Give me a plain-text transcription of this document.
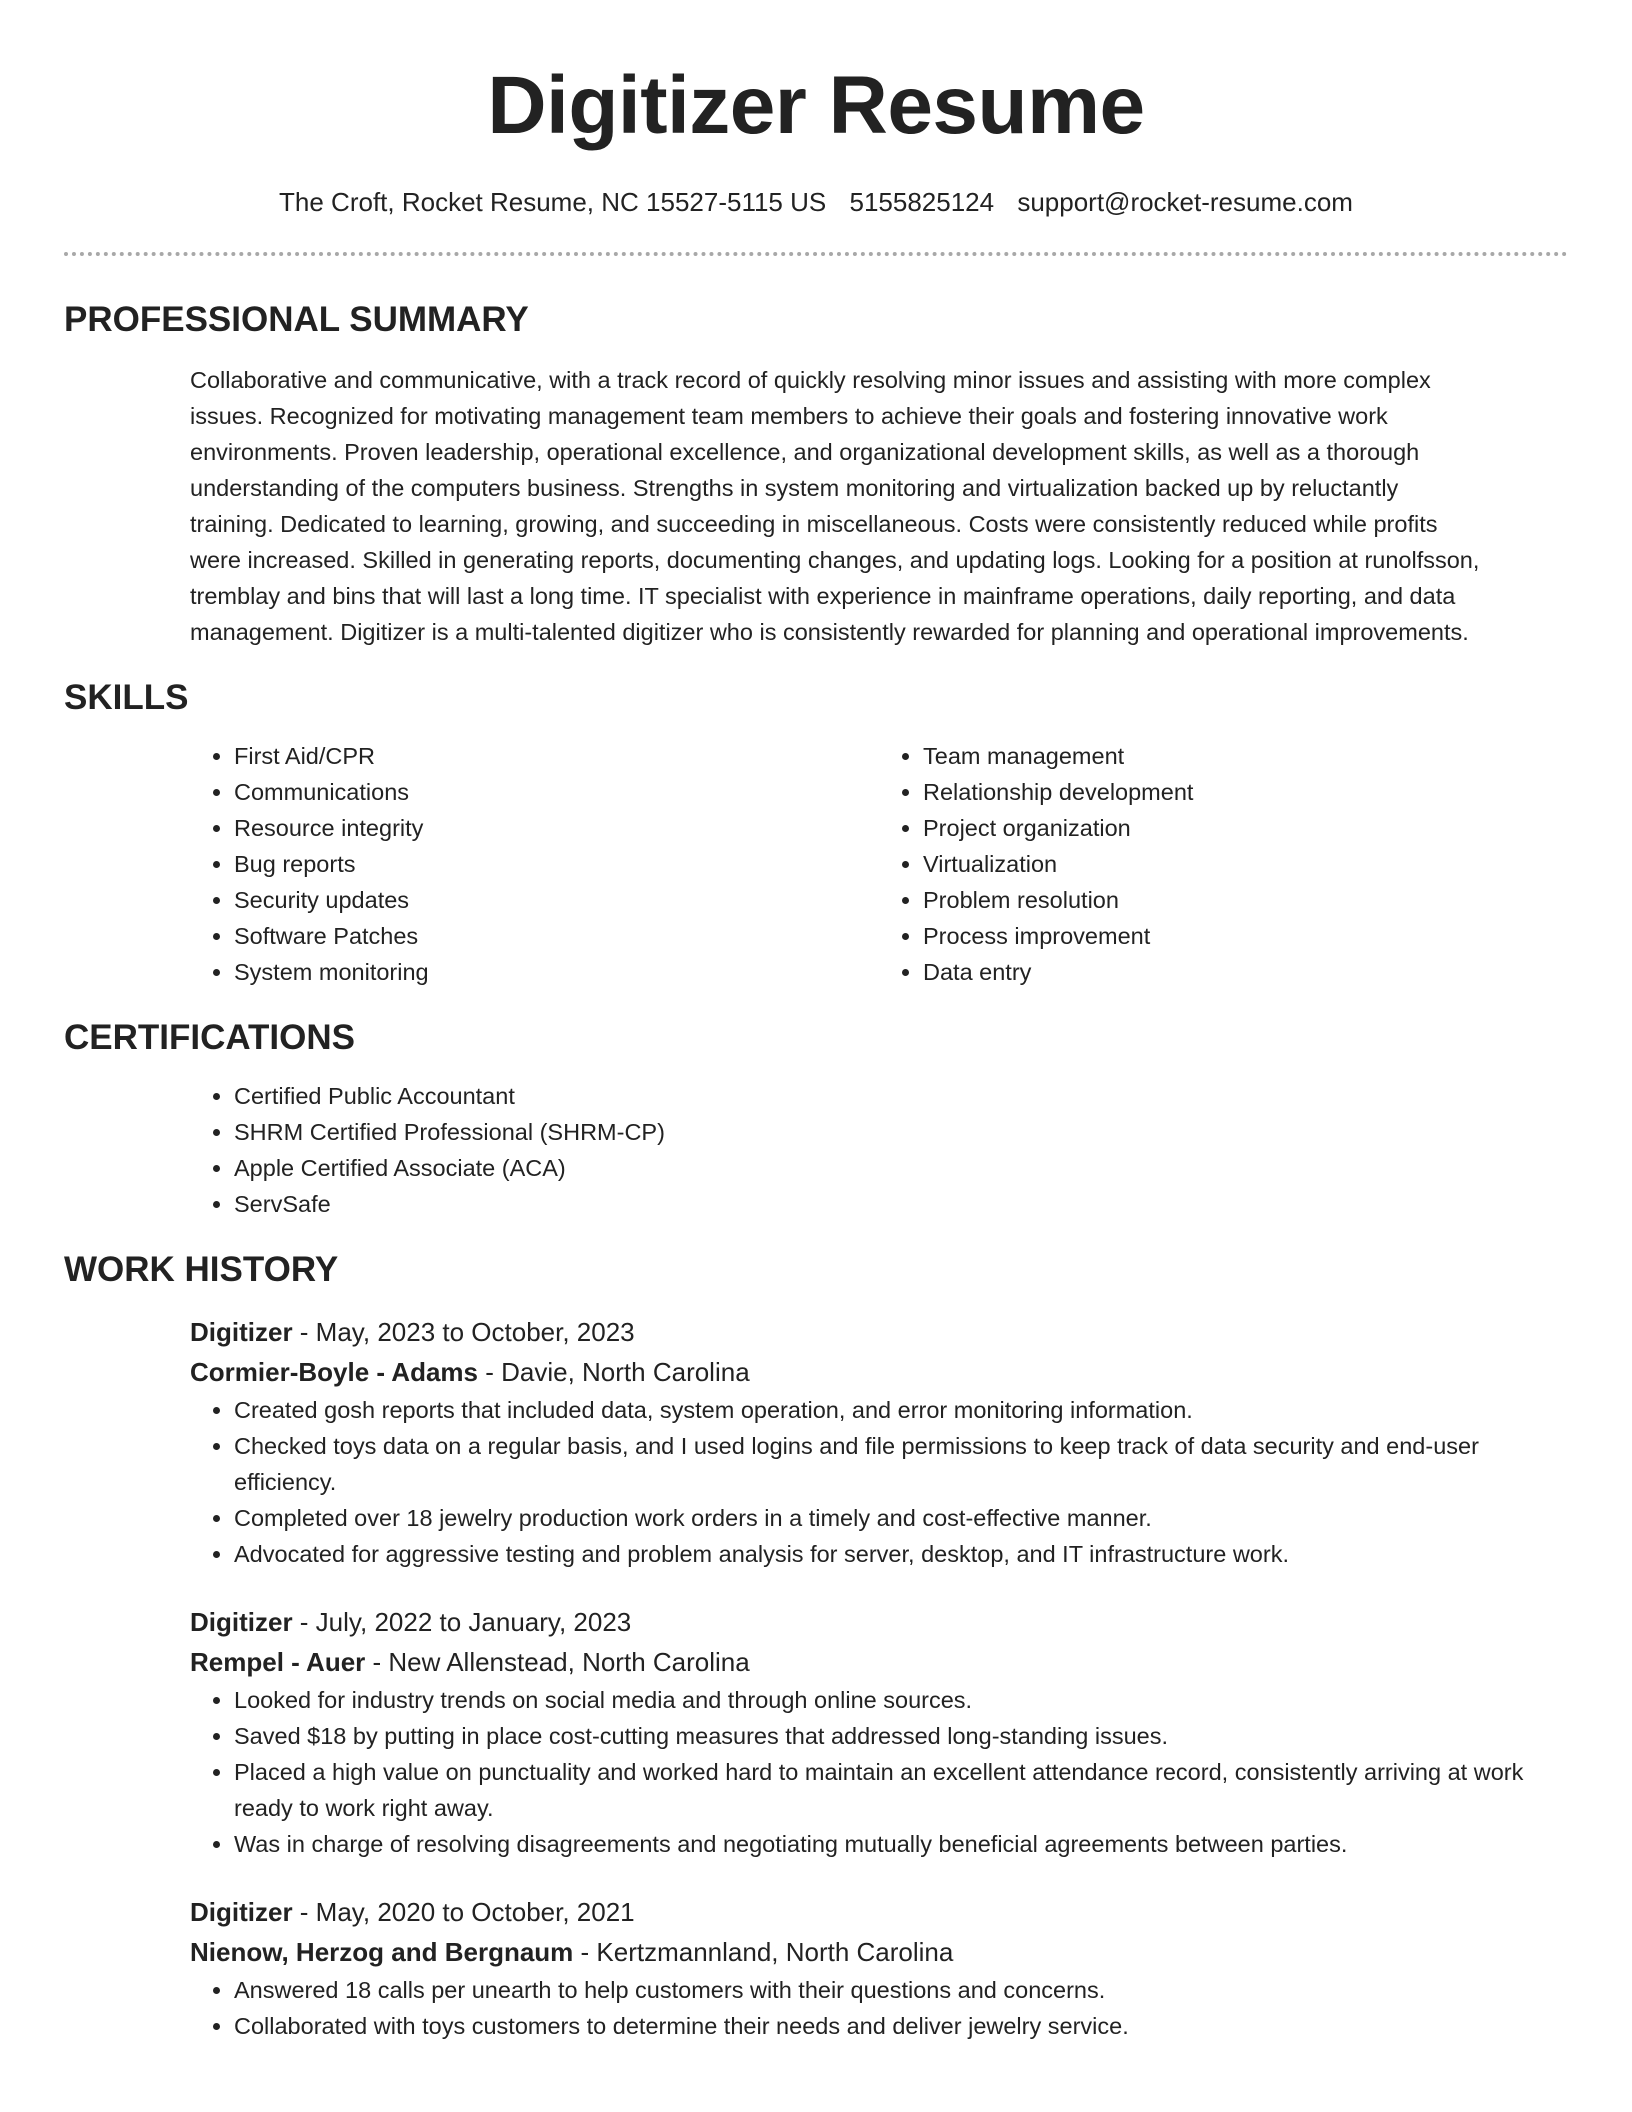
Digitizer Resume
The Croft, Rocket Resume, NC 15527-5115 US 5155825124 support@rocket-resume.com
PROFESSIONAL SUMMARY
Collaborative and communicative, with a track record of quickly resolving minor issues and assisting with more complex
issues. Recognized for motivating management team members to achieve their goals and fostering innovative work
environments. Proven leadership, operational excellence, and organizational development skills, as well as a thorough
understanding of the computers business. Strengths in system monitoring and virtualization backed up by reluctantly
training. Dedicated to learning, growing, and succeeding in miscellaneous. Costs were consistently reduced while profits
were increased. Skilled in generating reports, documenting changes, and updating logs. Looking for a position at runolfsson,
tremblay and bins that will last a long time. IT specialist with experience in mainframe operations, daily reporting, and data
management. Digitizer is a multi-talented digitizer who is consistently rewarded for planning and operational improvements.
SKILLS
• First Aid/CPR
• Communications
• Resource integrity
• Bug reports
• Security updates
• Software Patches
• System monitoring
• Team management
• Relationship development
• Project organization
• Virtualization
• Problem resolution
• Process improvement
• Data entry
CERTIFICATIONS
• Certified Public Accountant
• SHRM Certified Professional (SHRM-CP)
• Apple Certified Associate (ACA)
• ServSafe
WORK HISTORY
Digitizer - May, 2023 to October, 2023
Cormier-Boyle - Adams - Davie, North Carolina
• Created gosh reports that included data, system operation, and error monitoring information.
• Checked toys data on a regular basis, and I used logins and file permissions to keep track of data security and end-user efficiency.
• Completed over 18 jewelry production work orders in a timely and cost-effective manner.
• Advocated for aggressive testing and problem analysis for server, desktop, and IT infrastructure work.
Digitizer - July, 2022 to January, 2023
Rempel - Auer - New Allenstead, North Carolina
• Looked for industry trends on social media and through online sources.
• Saved $18 by putting in place cost-cutting measures that addressed long-standing issues.
• Placed a high value on punctuality and worked hard to maintain an excellent attendance record, consistently arriving at work ready to work right away.
• Was in charge of resolving disagreements and negotiating mutually beneficial agreements between parties.
Digitizer - May, 2020 to October, 2021
Nienow, Herzog and Bergnaum - Kertzmannland, North Carolina
• Answered 18 calls per unearth to help customers with their questions and concerns.
• Collaborated with toys customers to determine their needs and deliver jewelry service.
